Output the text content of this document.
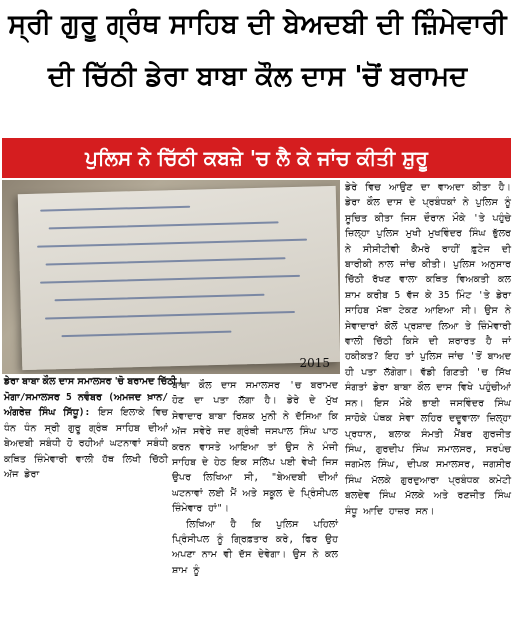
ਸ੍ਰੀ ਗੁਰੂ ਗ੍ਰੰਥ ਸਾਹਿਬ ਦੀ ਬੇਅਦਬੀ ਦੀ ਜ਼ਿੰਮੇਵਾਰੀ
ਦੀ ਚਿੱਠੀ ਡੇਰਾ ਬਾਬਾ ਕੌਲ ਦਾਸ 'ਚੋਂ ਬਰਾਮਦ
ਪੁਲਿਸ ਨੇ ਚਿੱਠੀ ਕਬਜ਼ੇ 'ਚ ਲੈ ਕੇ ਜਾਂਚ ਕੀਤੀ ਸ਼ੁਰੂ
2015
ਡੇਰਾ ਬਾਬਾ ਕੌਲ ਦਾਸ ਸਮਾਲਸਰ 'ਚੋ ਬਰਾਮਦ ਚਿੱਠੀ।

ਮੋਗਾ/ਸਮਾਲਸਰ 5 ਨਵੰਬਰ (ਅਮਜਦ ਖ਼ਾਨ/ਅੰਗਰੇਜ਼ ਸਿੰਘ ਸਿੱਧੂ): ਇਸ ਇਲਾਕੇ ਵਿਚ ਧੰਨ ਧੰਨ ਸ੍ਰੀ ਗੁਰੂ ਗ੍ਰੰਥ ਸਾਹਿਬ ਦੀਆਂ ਬੇਅਦਬੀ ਸਬੰਧੀ ਹੋ ਰਹੀਆਂ ਘਟਨਾਵਾਂ ਸਬੰਧੀ ਕਥਿਤ ਜ਼ਿੰਮੇਵਾਰੀ ਵਾਲੀ ਹੱਥ ਲਿਖੀ ਚਿੱਠੀ ਅੱਜ ਡੇਰਾ

ਬਾਬਾ ਕੌਲ ਦਾਸ ਸਮਾਲਸਰ 'ਚ ਬਰਾਮਦ ਹੋਣ ਦਾ ਪਤਾ ਲੱਗਾ ਹੈ। ਡੇਰੇ ਦੇ ਮੁੱਖ ਸੇਵਾਦਾਰ ਬਾਬਾ ਰਿਸ਼ਕ ਮੁਨੀ ਨੇ ਦੱਸਿਆ ਕਿ ਅੱਜ ਸਵੇਰੇ ਜਦ ਗ੍ਰੰਥੀ ਜਸਪਾਲ ਸਿੰਘ ਪਾਠ ਕਰਨ ਵਾਸਤੇ ਆਇਆ ਤਾਂ ਉਸ ਨੇ ਮੰਜੀ ਸਾਹਿਬ ਦੇ ਹੇਠ ਇਕ ਸਲਿੱਪ ਪਈ ਵੇਖੀ ਜਿਸ ਉਪਰ ਲਿਖਿਆ ਸੀ, "ਬੇਅਦਬੀ ਦੀਆਂ ਘਟਨਾਵਾਂ ਲਈ ਮੈਂ ਅਤੇ ਸਕੂਲ ਦੇ ਪ੍ਰਿੰਸੀਪਲ ਜ਼ਿੰਮੇਵਾਰ ਹਾਂ"।

ਲਿਖਿਆ ਹੈ ਕਿ ਪੁਲਿਸ ਪਹਿਲਾਂ ਪ੍ਰਿੰਸੀਪਲ ਨੂੰ ਗ੍ਰਿਫ਼ਤਾਰ ਕਰੇ, ਫਿਰ ਉਹ ਅਪਣਾ ਨਾਮ ਵੀ ਦੱਸ ਦੇਵੇਗਾ। ਉਸ ਨੇ ਕਲ ਸ਼ਾਮ ਨੂੰ

ਡੇਰੇ ਵਿਚ ਆਉਣ ਦਾ ਵਾਅਦਾ ਕੀਤਾ ਹੈ। ਡੇਰਾ ਕੌਲ ਦਾਸ ਦੇ ਪ੍ਰਬੰਧਕਾਂ ਨੇ ਪੁਲਿਸ ਨੂੰ ਸੂਚਿਤ ਕੀਤਾ ਜਿਸ ਦੌਰਾਨ ਮੌਕੇ 'ਤੇ ਪਹੁੰਚੇ ਜ਼ਿਲ੍ਹਾ ਪੁਲਿਸ ਮੁਖੀ ਮੁਖਵਿੰਦਰ ਸਿੰਘ ਭੁੱਲਰ ਨੇ ਸੀਸੀਟੀਵੀ ਕੈਮਰੇ ਰਾਹੀਂ ਫ਼ੁਟੇਜ ਦੀ ਬਾਰੀਕੀ ਨਾਲ ਜਾਂਚ ਕੀਤੀ। ਪੁਲਿਸ ਅਨੁਸਾਰ ਚਿੱਠੀ ਰੱਖਣ ਵਾਲਾ ਕਥਿਤ ਵਿਅਕਤੀ ਕਲ ਸ਼ਾਮ ਕਰੀਬ 5 ਵੱਜ ਕੇ 35 ਮਿੰਟ 'ਤੇ ਡੇਰਾ ਸਾਹਿਬ ਮੱਥਾ ਟੇਕਣ ਆਇਆ ਸੀ। ਉਸ ਨੇ ਸੇਵਾਦਾਰਾਂ ਕੋਲੋਂ ਪ੍ਰਸ਼ਾਦ ਲਿਆ ਤੇ ਜ਼ਿੰਮੇਵਾਰੀ ਵਾਲੀ ਚਿੱਠੀ ਕਿਸੇ ਦੀ ਸ਼ਰਾਰਤ ਹੈ ਜਾਂ ਹਕੀਕਤ? ਇਹ ਤਾਂ ਪੁਲਿਸ ਜਾਂਚ 'ਤੋਂ ਬਾਅਦ ਹੀ ਪਤਾ ਲੱਗੇਗਾ। ਵੱਡੀ ਗਿਣਤੀ 'ਚ ਸਿੱਖ ਸੰਗਤਾਂ ਡੇਰਾ ਬਾਬਾ ਕੌਲ ਦਾਸ ਵਿਖੇ ਪਹੁੰਚੀਆਂ ਸਨ। ਇਸ ਮੌਕੇ ਭਾਈ ਜਸਵਿੰਦਰ ਸਿੰਘ ਸਾਹੋਕੇ ਪੰਥਕ ਸੇਵਾ ਲਹਿਰ ਦਦੂਵਾਲਾ ਜ਼ਿਲ੍ਹਾ ਪ੍ਰਧਾਨ, ਬਲਾਕ ਸੰਮਤੀ ਮੈਂਬਰ ਗੁਰਜੀਤ ਸਿੰਘ, ਗੁਰਦੀਪ ਸਿੰਘ ਸਮਾਲਸਰ, ਸਰਪੰਚ ਜਗਮੇਲ ਸਿੰਘ, ਦੀਪਕ ਸਮਾਲਸਰ, ਜਗਸੀਰ ਸਿੰਘ ਮੱਲਕੇ ਗੁਰਦੁਆਰਾ ਪ੍ਰਬੰਧਕ ਕਮੇਟੀ ਬਲਦੇਵ ਸਿੰਘ ਮੱਲਕੇ ਅਤੇ ਰਣਜੀਤ ਸਿੰਘ ਸੰਧੂ ਆਦਿ ਹਾਜ਼ਰ ਸਨ।
